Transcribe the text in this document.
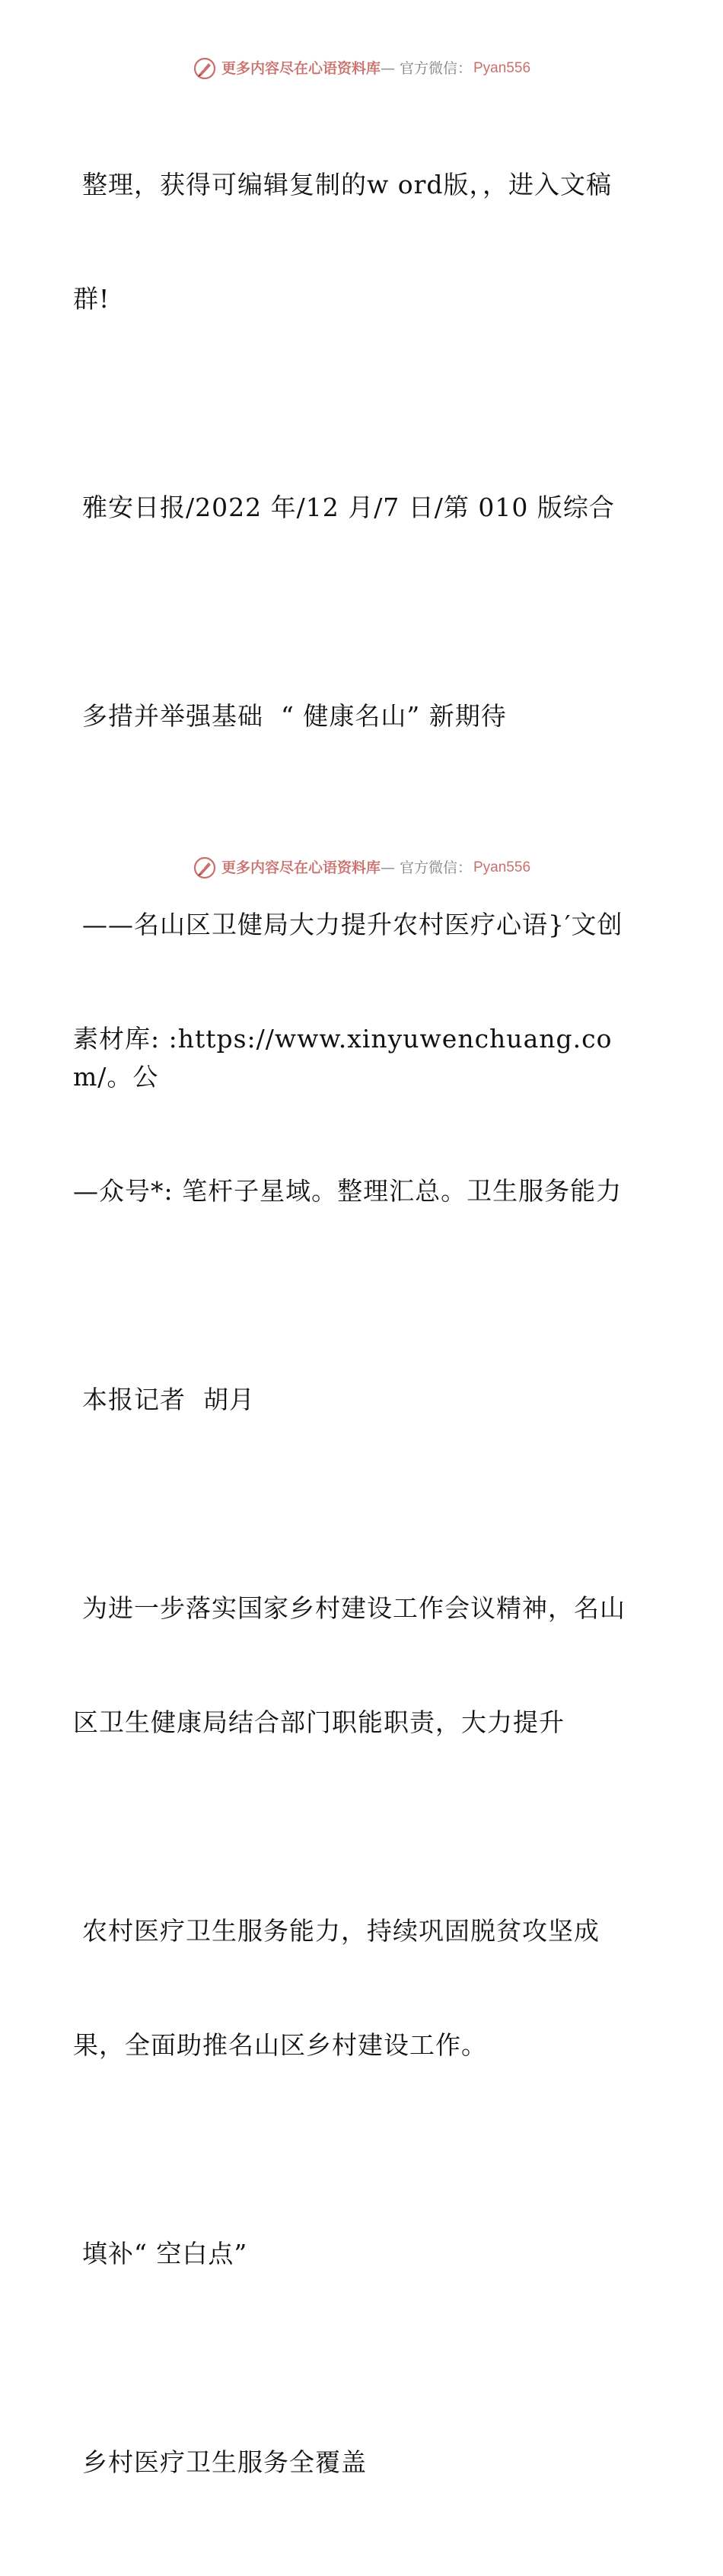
更多内容尽在心语资料库 — 官方微信： Pyan556

整理，获得可编辑复制的w ord版，，进入文稿

群!

雅安日报/2022 年/12 月/7 日/第 010 版综合

多措并举强基础  “ 健康名山” 新期待

——名山区卫健局大力提升农村医疗心语}′文创

素材库: :https://www.xinyuwenchuang.com/。公

—众号*: 笔杆子星域。整理汇总。卫生服务能力

本报记者  胡月

为进一步落实国家乡村建设工作会议精神，名山

区卫生健康局结合部门职能职责，大力提升

农村医疗卫生服务能力，持续巩固脱贫攻坚成

果，全面助推名山区乡村建设工作。

填补“ 空白点”

乡村医疗卫生服务全覆盖

更多内容尽在心语资料库 — 官方微信： Pyan556
